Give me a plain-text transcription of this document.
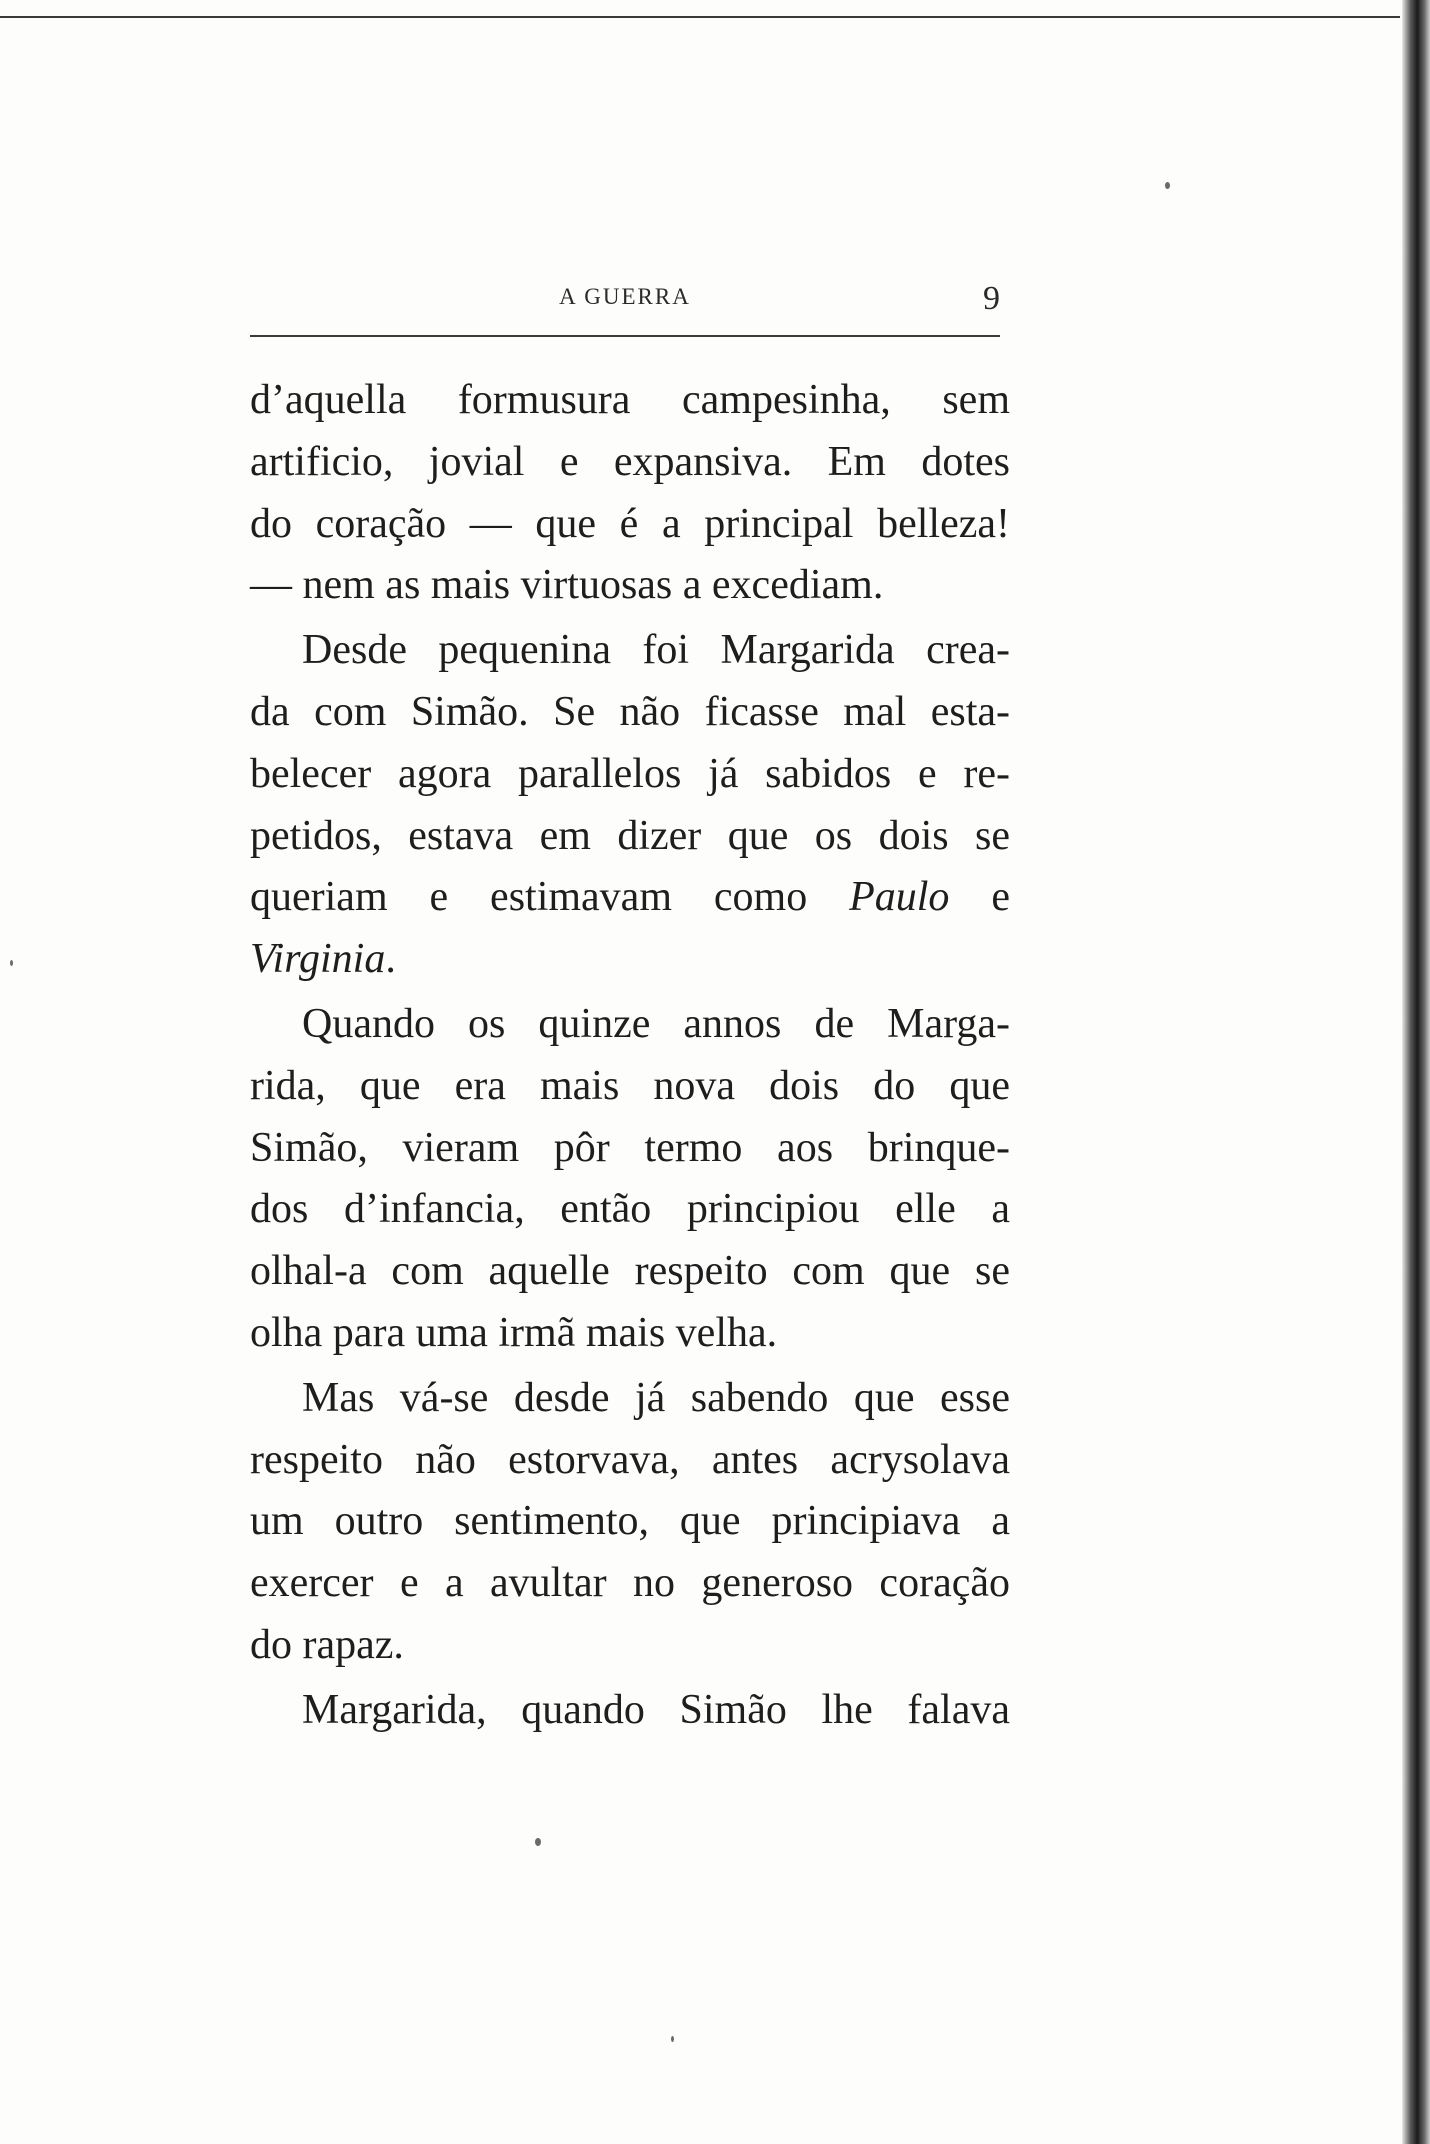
A GUERRA	9
d’aquella formusura campesinha, sem
artificio, jovial e expansiva. Em dotes
do coração — que é a principal belleza!
— nem as mais virtuosas a excediam.
Desde pequenina foi Margarida crea-
da com Simão. Se não ficasse mal esta-
belecer agora parallelos já sabidos e re-
petidos, estava em dizer que os dois se
queriam e estimavam como Paulo e
Virginia.
Quando os quinze annos de Marga-
rida, que era mais nova dois do que
Simão, vieram pôr termo aos brinque-
dos d’infancia, então principiou elle a
olhal-a com aquelle respeito com que se
olha para uma irmã mais velha.
Mas vá-se desde já sabendo que esse
respeito não estorvava, antes acrysolava
um outro sentimento, que principiava a
exercer e a avultar no generoso coração
do rapaz.
Margarida, quando Simão lhe falava
